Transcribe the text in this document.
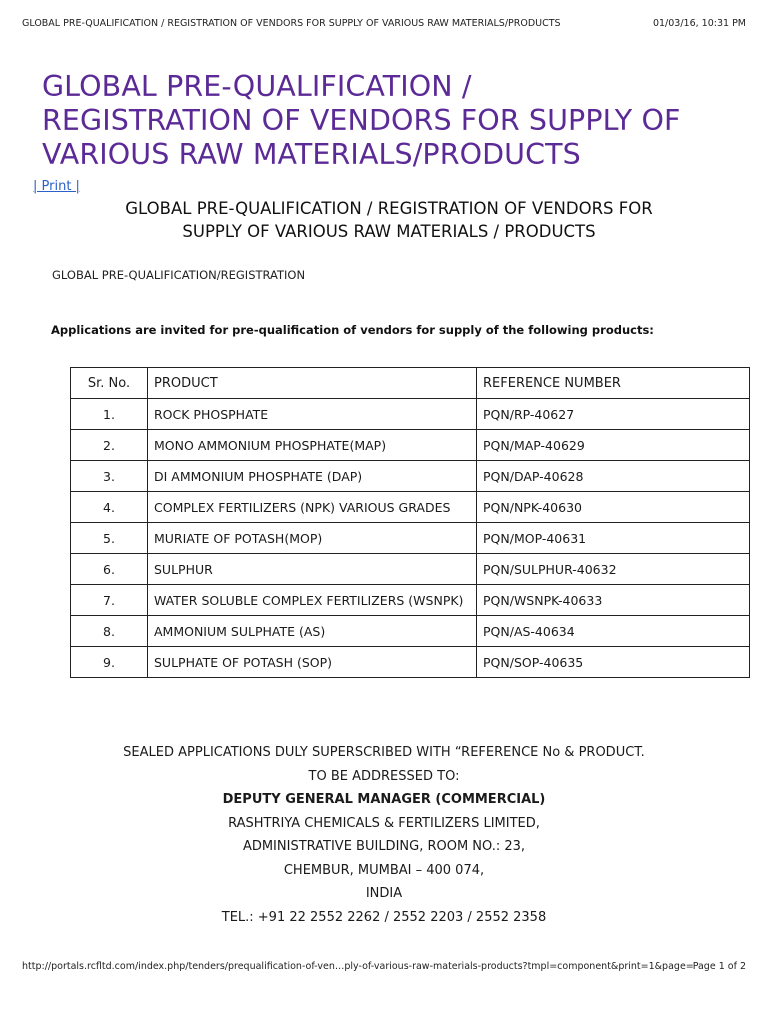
GLOBAL PRE-QUALIFICATION / REGISTRATION OF VENDORS FOR SUPPLY OF VARIOUS RAW MATERIALS/PRODUCTS	01/03/16, 10:31 PM
GLOBAL PRE-QUALIFICATION /
REGISTRATION OF VENDORS FOR SUPPLY OF
VARIOUS RAW MATERIALS/PRODUCTS
| Print |
GLOBAL PRE-QUALIFICATION / REGISTRATION OF VENDORS FOR
SUPPLY OF VARIOUS RAW MATERIALS / PRODUCTS
GLOBAL PRE-QUALIFICATION/REGISTRATION
Applications are invited for pre-qualification of vendors for supply of the following products:
Sr. No.	PRODUCT	REFERENCE NUMBER
1.	ROCK PHOSPHATE	PQN/RP-40627
2.	MONO AMMONIUM PHOSPHATE(MAP)	PQN/MAP-40629
3.	DI AMMONIUM PHOSPHATE (DAP)	PQN/DAP-40628
4.	COMPLEX FERTILIZERS (NPK) VARIOUS GRADES	PQN/NPK-40630
5.	MURIATE OF POTASH(MOP)	PQN/MOP-40631
6.	SULPHUR	PQN/SULPHUR-40632
7.	WATER SOLUBLE COMPLEX FERTILIZERS (WSNPK)	PQN/WSNPK-40633
8.	AMMONIUM SULPHATE (AS)	PQN/AS-40634
9.	SULPHATE OF POTASH (SOP)	PQN/SOP-40635
SEALED APPLICATIONS DULY SUPERSCRIBED WITH “REFERENCE No & PRODUCT.
TO BE ADDRESSED TO:
DEPUTY GENERAL MANAGER (COMMERCIAL)
RASHTRIYA CHEMICALS & FERTILIZERS LIMITED,
ADMINISTRATIVE BUILDING, ROOM NO.: 23,
CHEMBUR, MUMBAI – 400 074,
INDIA
TEL.: +91 22 2552 2262 / 2552 2203 / 2552 2358
http://portals.rcfltd.com/index.php/tenders/prequalification-of-ven…ply-of-various-raw-materials-products?tmpl=component&print=1&page=
Page 1 of 2
